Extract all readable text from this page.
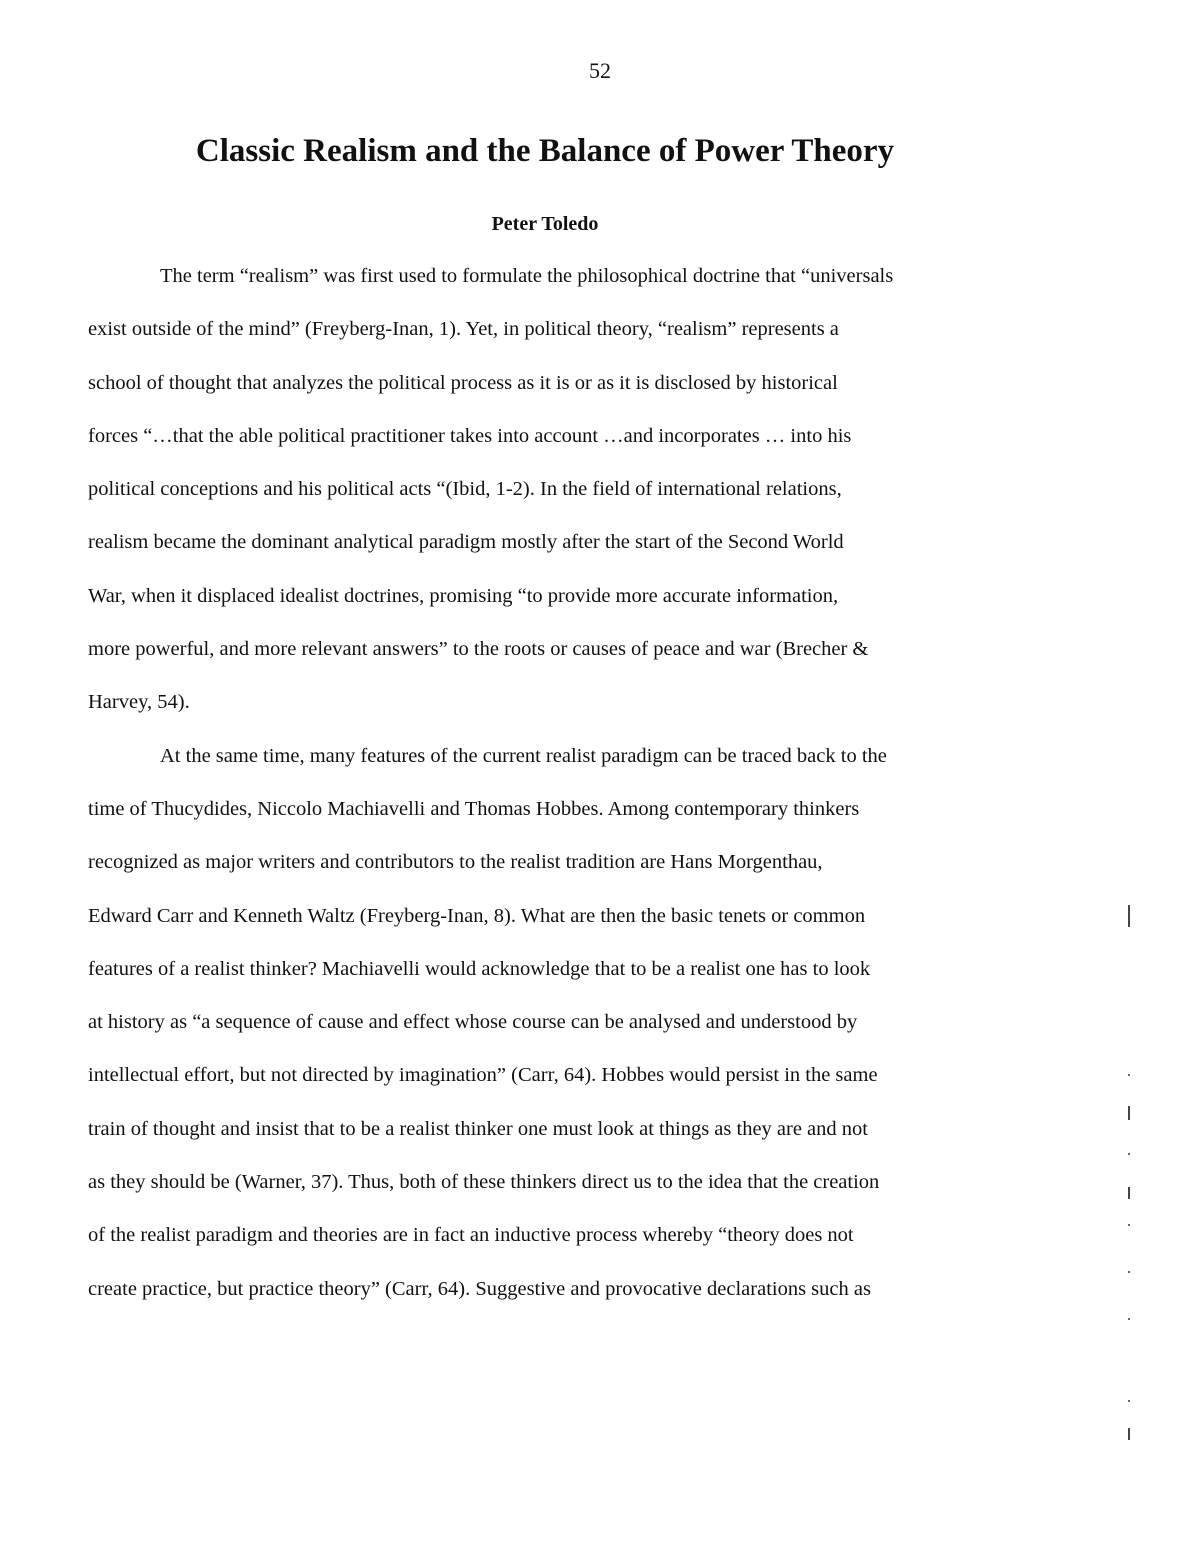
52
Classic Realism and the Balance of Power Theory
Peter Toledo
The term “realism” was first used to formulate the philosophical doctrine that “universals
exist outside of the mind” (Freyberg-Inan, 1). Yet, in political theory, “realism” represents a
school of thought that analyzes the political process as it is or as it is disclosed by historical
forces “…that the able political practitioner takes into account …and incorporates … into his
political conceptions and his political acts “(Ibid, 1-2). In the field of international relations,
realism became the dominant analytical paradigm mostly after the start of the Second World
War, when it displaced idealist doctrines, promising “to provide more accurate information,
more powerful, and more relevant answers” to the roots or causes of peace and war (Brecher &
Harvey, 54).
At the same time, many features of the current realist paradigm can be traced back to the
time of Thucydides, Niccolo Machiavelli and Thomas Hobbes. Among contemporary thinkers
recognized as major writers and contributors to the realist tradition are Hans Morgenthau,
Edward Carr and Kenneth Waltz (Freyberg-Inan, 8). What are then the basic tenets or common
features of a realist thinker? Machiavelli would acknowledge that to be a realist one has to look
at history as “a sequence of cause and effect whose course can be analysed and understood by
intellectual effort, but not directed by imagination” (Carr, 64). Hobbes would persist in the same
train of thought and insist that to be a realist thinker one must look at things as they are and not
as they should be (Warner, 37). Thus, both of these thinkers direct us to the idea that the creation
of the realist paradigm and theories are in fact an inductive process whereby “theory does not
create practice, but practice theory” (Carr, 64). Suggestive and provocative declarations such as
